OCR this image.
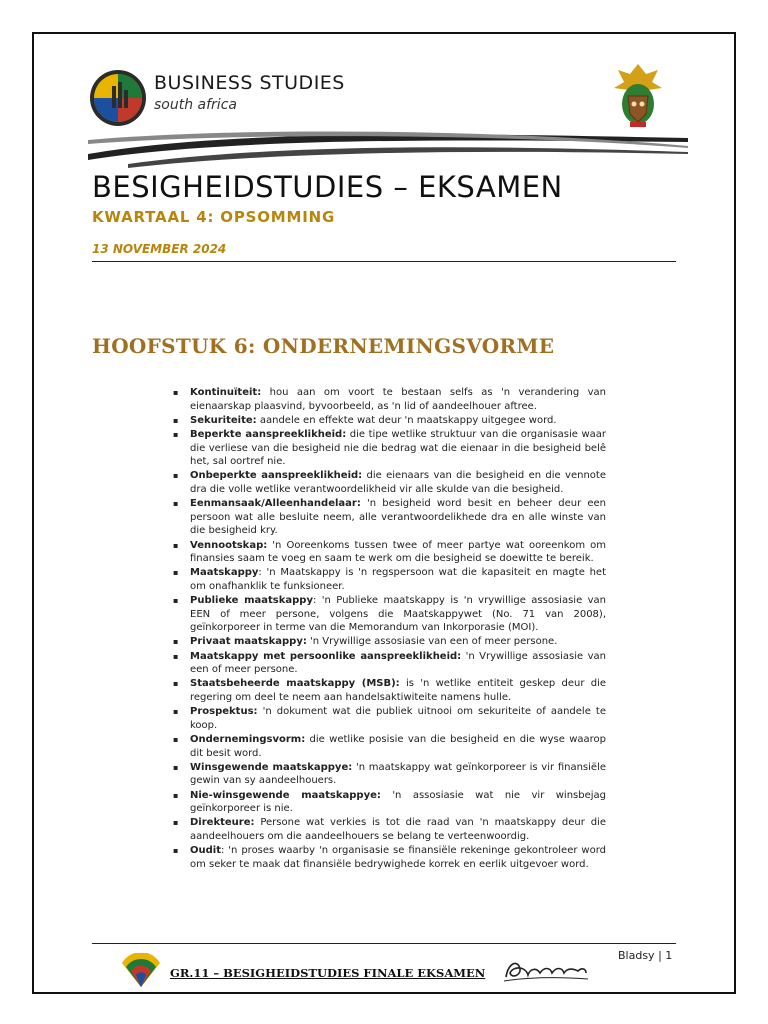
BUSINESS STUDIES
south africa
BESIGHEIDSTUDIES – EKSAMEN
KWARTAAL 4: OPSOMMING
13 NOVEMBER 2024
HOOFSTUK 6: ONDERNEMINGSVORME
▪ Kontinuïteit: hou aan om voort te bestaan selfs as 'n verandering van eienaarskap plaasvind, byvoorbeeld, as 'n lid of aandeelhouer aftree.
▪ Sekuriteite: aandele en effekte wat deur 'n maatskappy uitgegee word.
▪ Beperkte aanspreeklikheid: die tipe wetlike struktuur van die organisasie waar die verliese van die besigheid nie die bedrag wat die eienaar in die besigheid belê het, sal oortref nie.
▪ Onbeperkte aanspreeklikheid: die eienaars van die besigheid en die vennote dra die volle wetlike verantwoordelikheid vir alle skulde van die besigheid.
▪ Eenmansaak/Alleenhandelaar: 'n besigheid word besit en beheer deur een persoon wat alle besluite neem, alle verantwoordelikhede dra en alle winste van die besigheid kry.
▪ Vennootskap: 'n Ooreenkoms tussen twee of meer partye wat ooreenkom om finansies saam te voeg en saam te werk om die besigheid se doewitte te bereik.
▪ Maatskappy: 'n Maatskappy is 'n regspersoon wat die kapasiteit en magte het om onafhanklik te funksioneer.
▪ Publieke maatskappy: 'n Publieke maatskappy is 'n vrywillige assosiasie van EEN of meer persone, volgens die Maatskappywet (No. 71 van 2008), geïnkorporeer in terme van die Memorandum van Inkorporasie (MOI).
▪ Privaat maatskappy: 'n Vrywillige assosiasie van een of meer persone.
▪ Maatskappy met persoonlike aanspreeklikheid: 'n Vrywillige assosiasie van een of meer persone.
▪ Staatsbeheerde maatskappy (MSB): is 'n wetlike entiteit geskep deur die regering om deel te neem aan handelsaktiwiteite namens hulle.
▪ Prospektus: 'n dokument wat die publiek uitnooi om sekuriteite of aandele te koop.
▪ Ondernemingsvorm: die wetlike posisie van die besigheid en die wyse waarop dit besit word.
▪ Winsgewende maatskappye: 'n maatskappy wat geïnkorporeer is vir finansiële gewin van sy aandeelhouers.
▪ Nie-winsgewende maatskappye: 'n assosiasie wat nie vir winsbejag geïnkorporeer is nie.
▪ Direkteure: Persone wat verkies is tot die raad van 'n maatskappy deur die aandeelhouers om die aandeelhouers se belang te verteenwoordig.
▪ Oudit: 'n proses waarby 'n organisasie se finansiële rekeninge gekontroleer word om seker te maak dat finansiële bedrywighede korrek en eerlik uitgevoer word.
Bladsy | 1
GR.11 – BESIGHEIDSTUDIES FINALE EKSAMEN
